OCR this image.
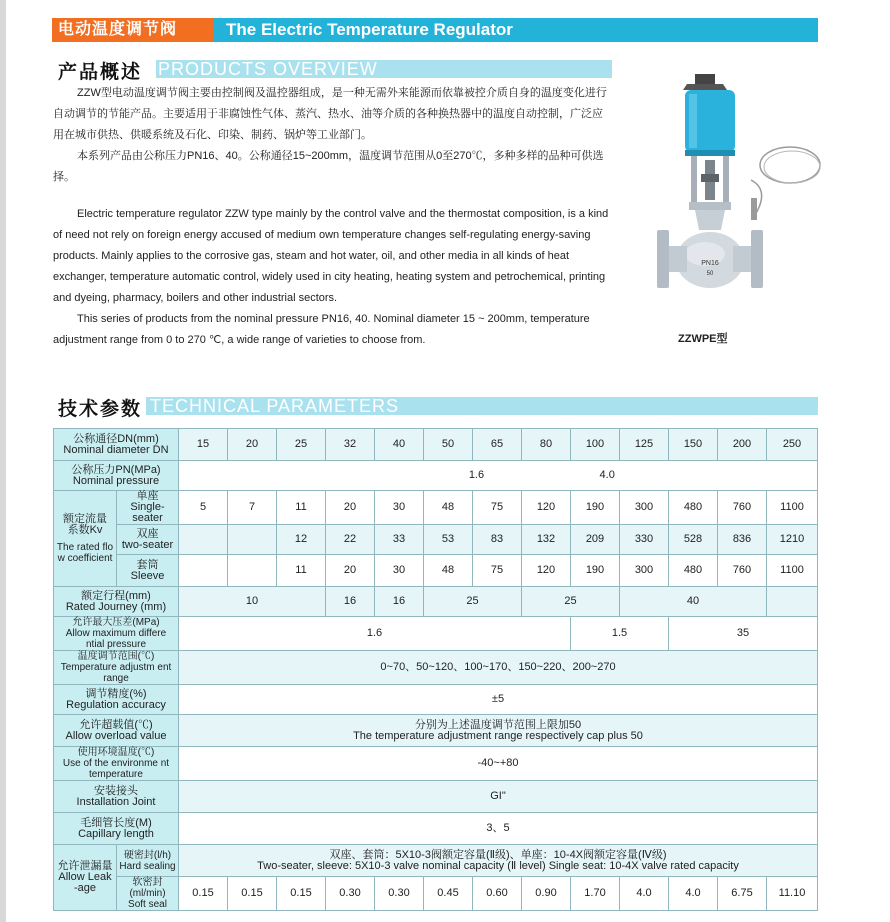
电动温度调节阀	The Electric Temperature Regulator
产品概述 PRODUCTS OVERVIEW

ZZW型电动温度调节阀主要由控制阀及温控器组成，是一种无需外来能源而依靠被控介质自身的温度变化进行自动调节的节能产品。主要适用于非腐蚀性气体、蒸汽、热水、油等介质的各种换热器中的温度自动控制，广泛应用在城市供热、供暖系统及石化、印染、制药、锅炉等工业部门。

本系列产品由公称压力PN16、40。公称通径15~200mm，温度调节范围从0至270℃，多种多样的品种可供选择。

Electric temperature regulator ZZW type mainly by the control valve and the thermostat composition, is a kind of need not rely on foreign energy accused of medium own temperature changes self-regulating energy-saving products. Mainly applies to the corrosive gas, steam and hot water, oil, and other media in all kinds of heat exchanger, temperature automatic control, widely used in city heating, heating system and petrochemical, printing and dyeing, pharmacy, boilers and other industrial sectors.

This series of products from the nominal pressure PN16, 40. Nominal diameter 15 ~ 200mm, temperature adjustment range from 0 to 270 ℃, a wide range of varieties to choose from.

PN16
50
ZZWPE型
技术参数 TECHNICAL PARAMETERS
公称通径DN(mm)
Nominal diameter DN		15	20	25	32	40	50	65	80	100	125	150	200	250

公称压力PN(MPa)
Nominal pressure		1.6 4.0												

额定流量
系数Kv
The rated flo w coefficient	单座
Single-seater	5	7	11	20	30	48	75	120	190	300	480	760	1100

	双座
two-seater			12	22	33	53	83	132	209	330	528	836	1210

	套筒
Sleeve			11	20	30	48	75	120	190	300	480	760	1100

额定行程(mm)
Rated Journey (mm)		10			16	16	25		25		40			

允许最大压差(MPa)
Allow maximum differe ntial pressure		1.6								1.5		35		

温度调节范围(℃)
Temperature adjustm ent range		0~70、50~120、100~170、150~220、200~270												

调节精度(%)
Regulation accuracy		±5												

允许超载值(℃)
Allow overload value		分别为上述温度调节范围上限加50
The temperature adjustment range respectively cap plus 50												

使用环境温度(℃)
Use of the environme nt temperature		-40~+80												

安装接头
Installation Joint		GI"												

毛细管长度(M)
Capillary length		3、5												

允许泄漏量
Allow Leak -age	硬密封(l/h)
Hard sealing	双座、套筒：5X10-3阀额定容量(Ⅱ级)、单座：10-4X阀额定容量(Ⅳ级)
Two-seater, sleeve: 5X10-3 valve nominal capacity (Ⅱ level) Single seat: 10-4X valve rated capacity												

	软密封(ml/min)
Soft seal	0.15	0.15	0.15	0.30	0.30	0.45	0.60	0.90	1.70	4.0	4.0	6.75	11.10
